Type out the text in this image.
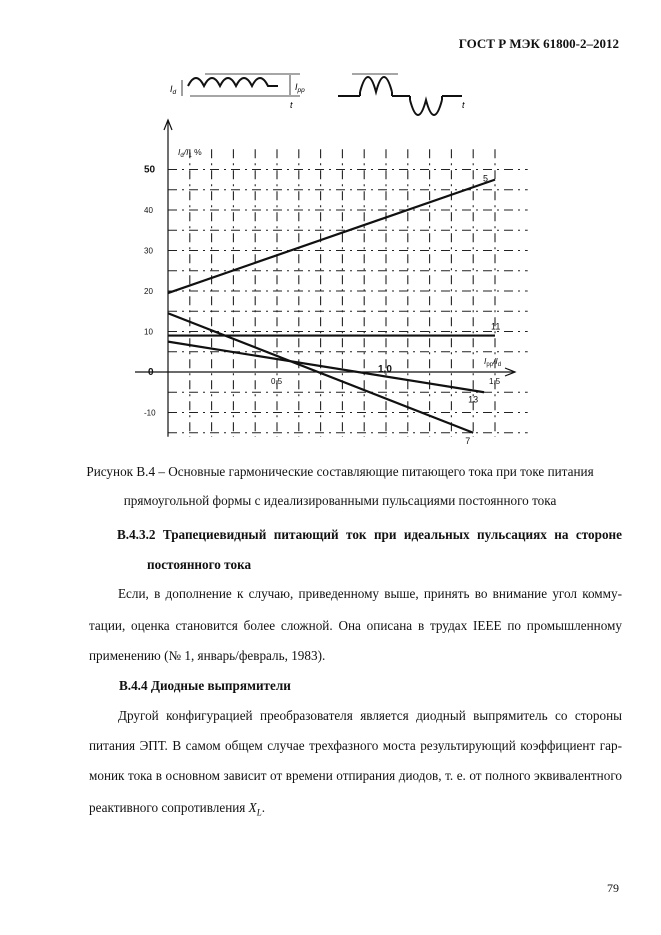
ГОСТ Р МЭК 61800-2–2012
$I_d$
$I_{pp}$
t	t
50
40
30
20
10
0
-10
0,5
1,0
1,5
$I_d/I_1$ %
$I_{pp}/I_d$
5
11
13
7
Рисунок В.4 – Основные гармонические составляющие питающего тока при токе питания
прямоугольной формы с идеализированными пульсациями постоянного тока
В.4.3.2 Трапециевидный питающий ток при идеальных пульсациях на стороне
постоянного тока
Если, в дополнение к случаю, приведенному выше, принять во внимание угол комму-
тации, оценка становится более сложной. Она описана в трудах IEEE по промышленному
применению (№ 1, январь/февраль, 1983).
В.4.4 Диодные выпрямители
Другой конфигурацией преобразователя является диодный выпрямитель со стороны
питания ЭПТ. В самом общем случае трехфазного моста результирующий коэффициент гар-
моник тока в основном зависит от времени отпирания диодов, т. е. от полного эквивалентного
реактивного сопротивления $X_L$.
79
